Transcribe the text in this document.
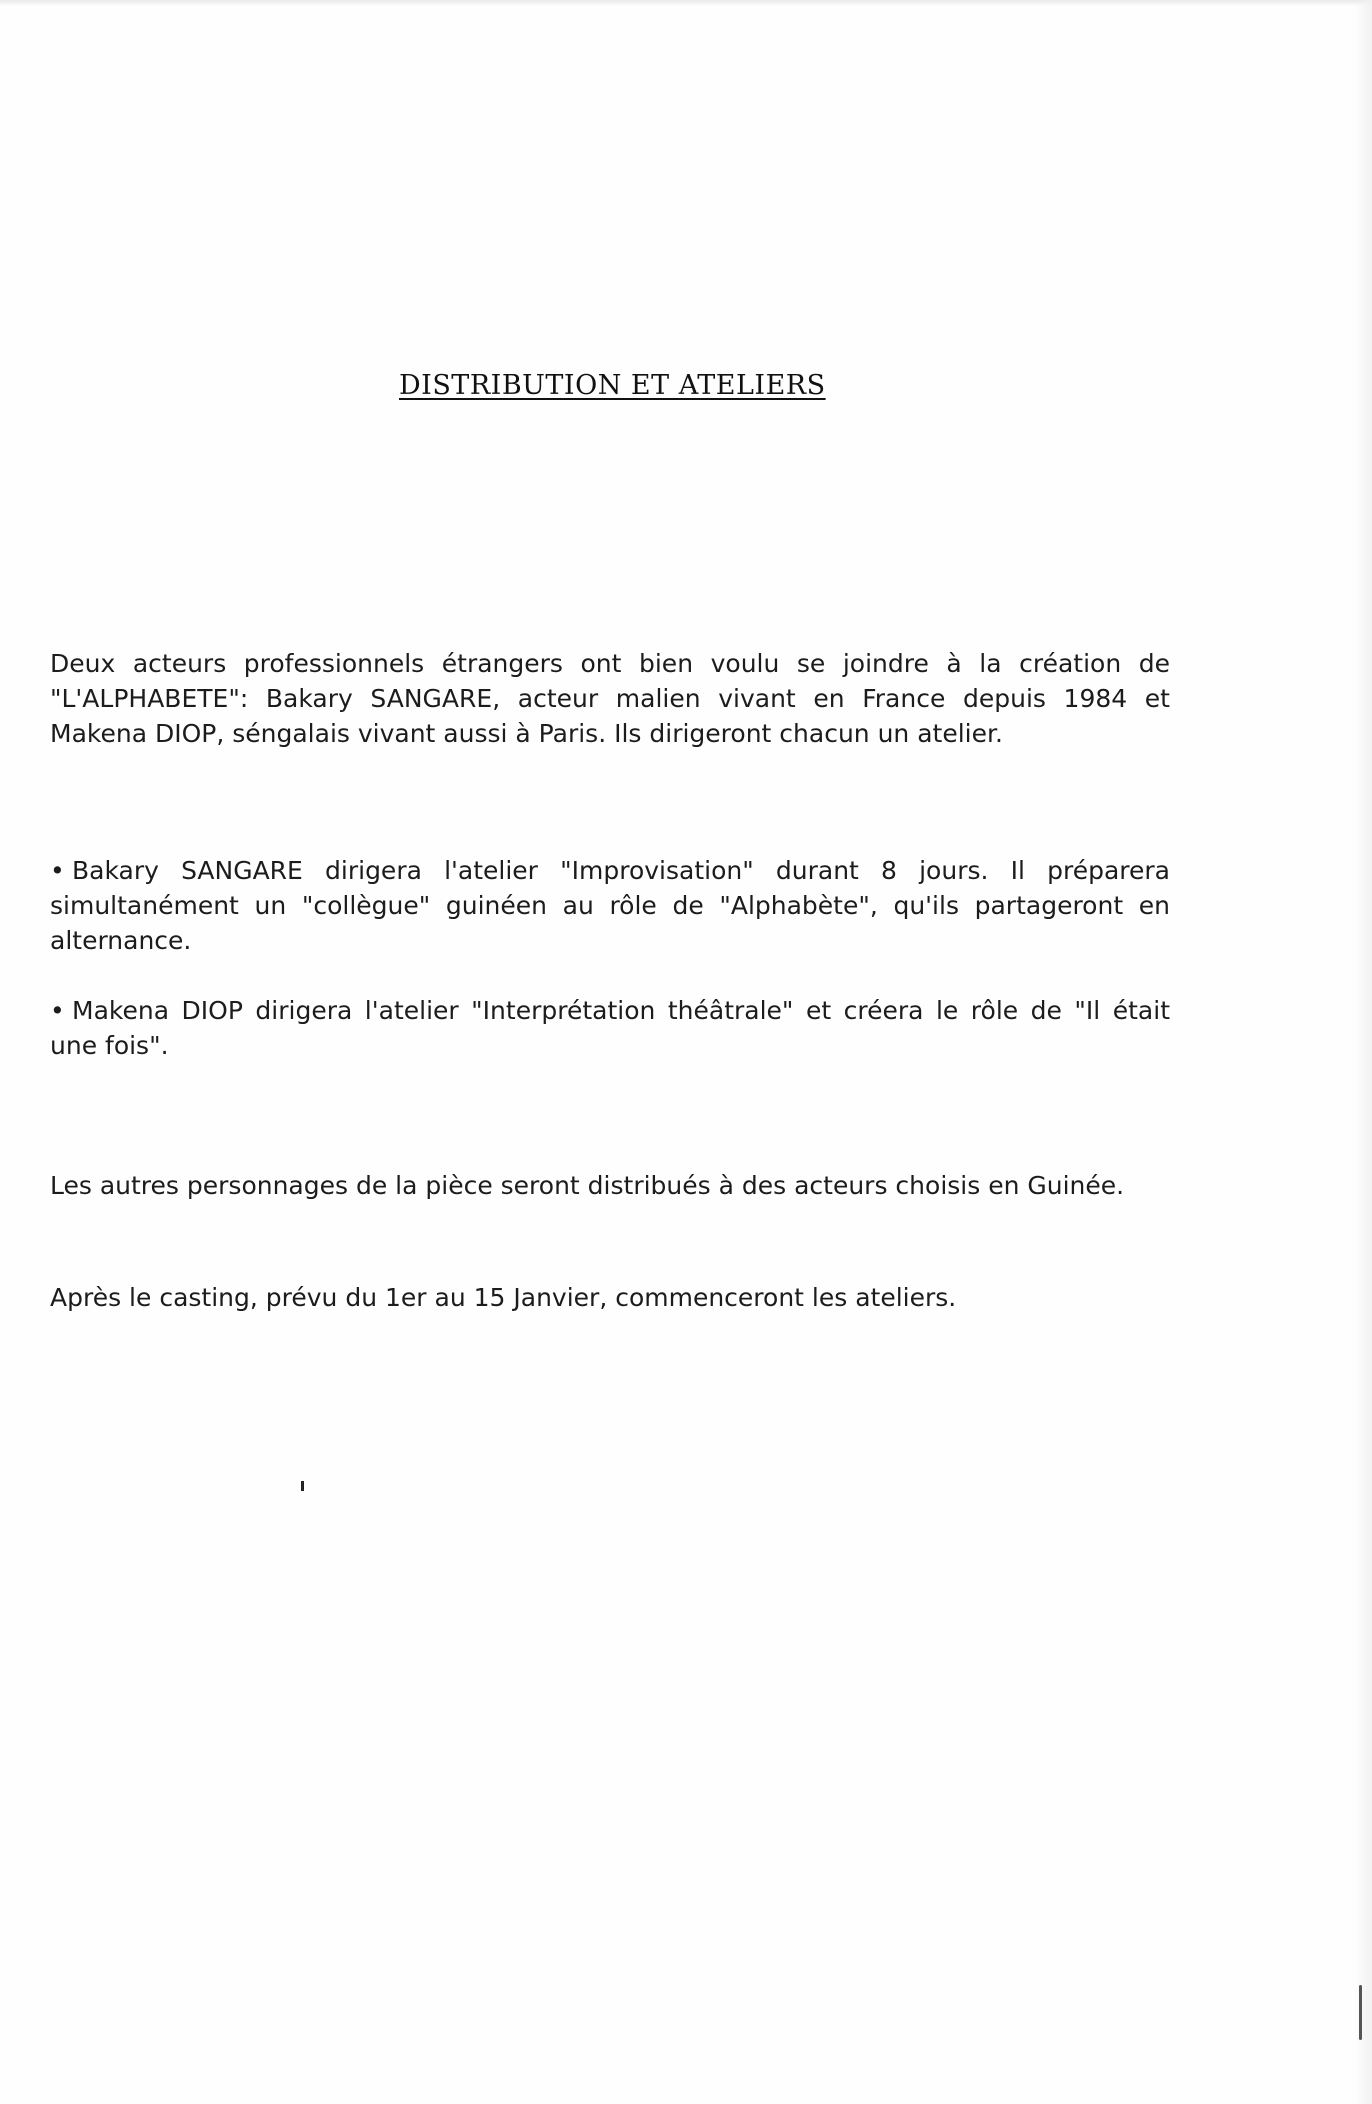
DISTRIBUTION ET ATELIERS

Deux acteurs professionnels étrangers ont bien voulu se joindre à la création de "L'ALPHABETE": Bakary SANGARE, acteur malien vivant en France depuis 1984 et Makena DIOP, séngalais vivant aussi à Paris. Ils dirigeront chacun un atelier.

• Bakary SANGARE dirigera l'atelier "Improvisation" durant 8 jours. Il préparera simultanément un "collègue" guinéen au rôle de "Alphabète", qu'ils partageront en alternance.

• Makena DIOP dirigera l'atelier "Interprétation théâtrale" et créera le rôle de "Il était une fois".

Les autres personnages de la pièce seront distribués à des acteurs choisis en Guinée.

Après le casting, prévu du 1er au 15 Janvier, commenceront les ateliers.
